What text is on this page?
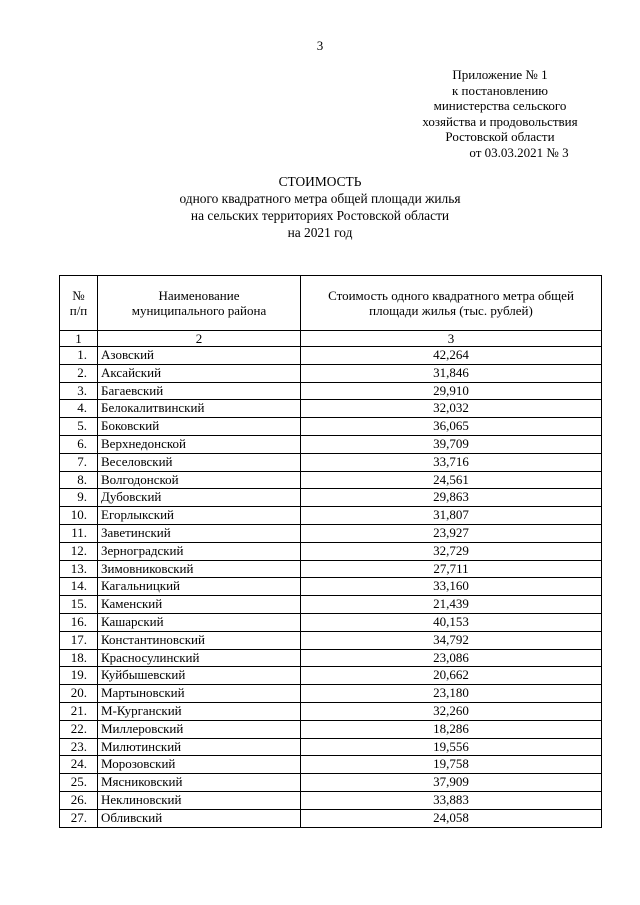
3
Приложение № 1
к постановлению
министерства сельского
хозяйства и продовольствия
Ростовской области
от 03.03.2021 № 3
СТОИМОСТЬ
одного квадратного метра общей площади жилья
на сельских территориях Ростовской области
на 2021 год
№ п/п	Наименование муниципального района	Стоимость одного квадратного метра общей площади жилья (тыс. рублей)
1	2	3
1.	Азовский	42,264
2.	Аксайский	31,846
3.	Багаевский	29,910
4.	Белокалитвинский	32,032
5.	Боковский	36,065
6.	Верхнедонской	39,709
7.	Веселовский	33,716
8.	Волгодонской	24,561
9.	Дубовский	29,863
10.	Егорлыкский	31,807
11.	Заветинский	23,927
12.	Зерноградский	32,729
13.	Зимовниковский	27,711
14.	Кагальницкий	33,160
15.	Каменский	21,439
16.	Кашарский	40,153
17.	Константиновский	34,792
18.	Красносулинский	23,086
19.	Куйбышевский	20,662
20.	Мартыновский	23,180
21.	М-Курганский	32,260
22.	Миллеровский	18,286
23.	Милютинский	19,556
24.	Морозовский	19,758
25.	Мясниковский	37,909
26.	Неклиновский	33,883
27.	Обливский	24,058
